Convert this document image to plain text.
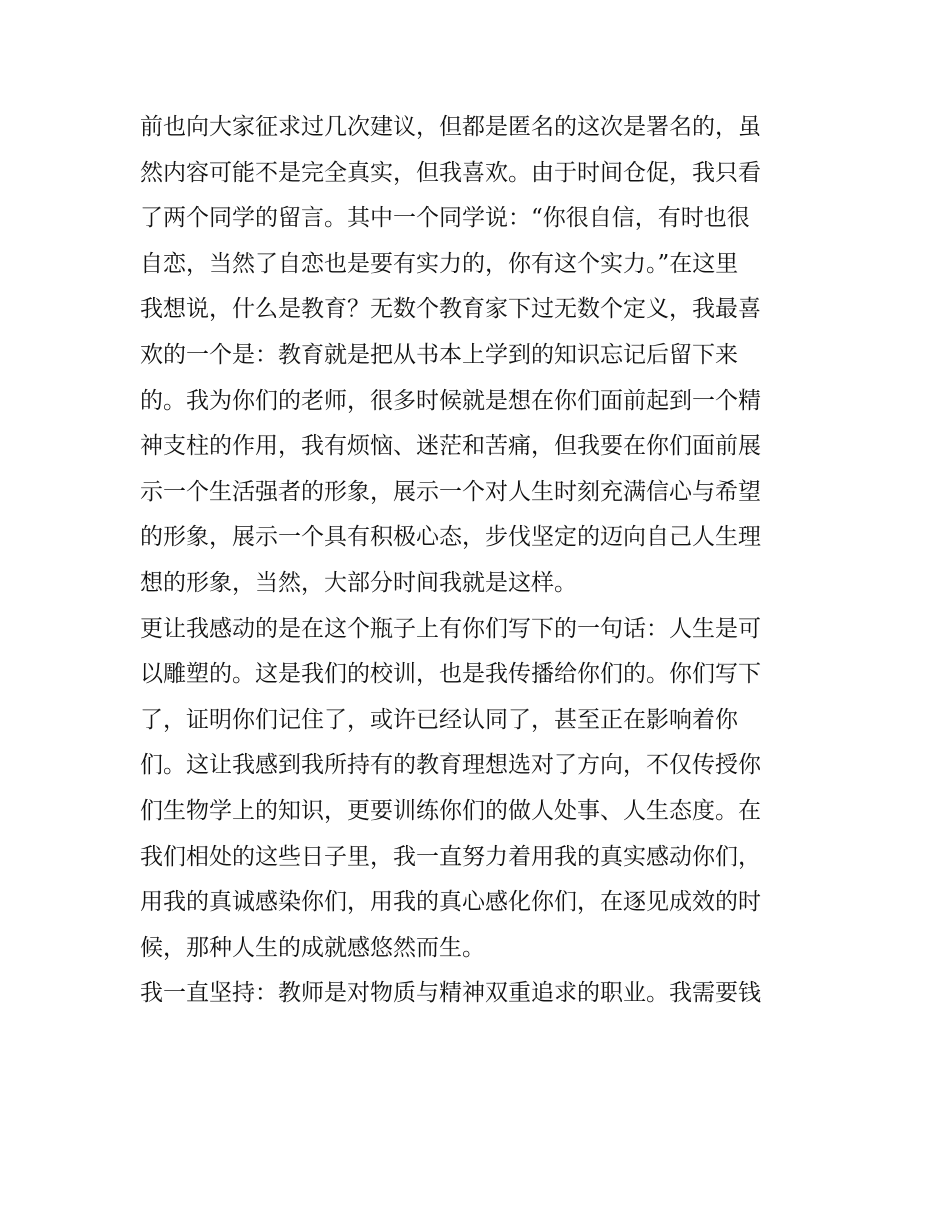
前也向大家征求过几次建议，但都是匿名的这次是署名的，虽
然内容可能不是完全真实，但我喜欢。由于时间仓促，我只看
了两个同学的留言。其中一个同学说：“你很自信，有时也很
自恋，当然了自恋也是要有实力的，你有这个实力。”在这里
我想说，什么是教育？无数个教育家下过无数个定义，我最喜
欢的一个是：教育就是把从书本上学到的知识忘记后留下来
的。我为你们的老师，很多时候就是想在你们面前起到一个精
神支柱的作用，我有烦恼、迷茫和苦痛，但我要在你们面前展
示一个生活强者的形象，展示一个对人生时刻充满信心与希望
的形象，展示一个具有积极心态，步伐坚定的迈向自己人生理
想的形象，当然，大部分时间我就是这样。
更让我感动的是在这个瓶子上有你们写下的一句话：人生是可
以雕塑的。这是我们的校训，也是我传播给你们的。你们写下
了，证明你们记住了，或许已经认同了，甚至正在影响着你
们。这让我感到我所持有的教育理想选对了方向，不仅传授你
们生物学上的知识，更要训练你们的做人处事、人生态度。在
我们相处的这些日子里，我一直努力着用我的真实感动你们，
用我的真诚感染你们，用我的真心感化你们，在逐见成效的时
候，那种人生的成就感悠然而生。
我一直坚持：教师是对物质与精神双重追求的职业。我需要钱
